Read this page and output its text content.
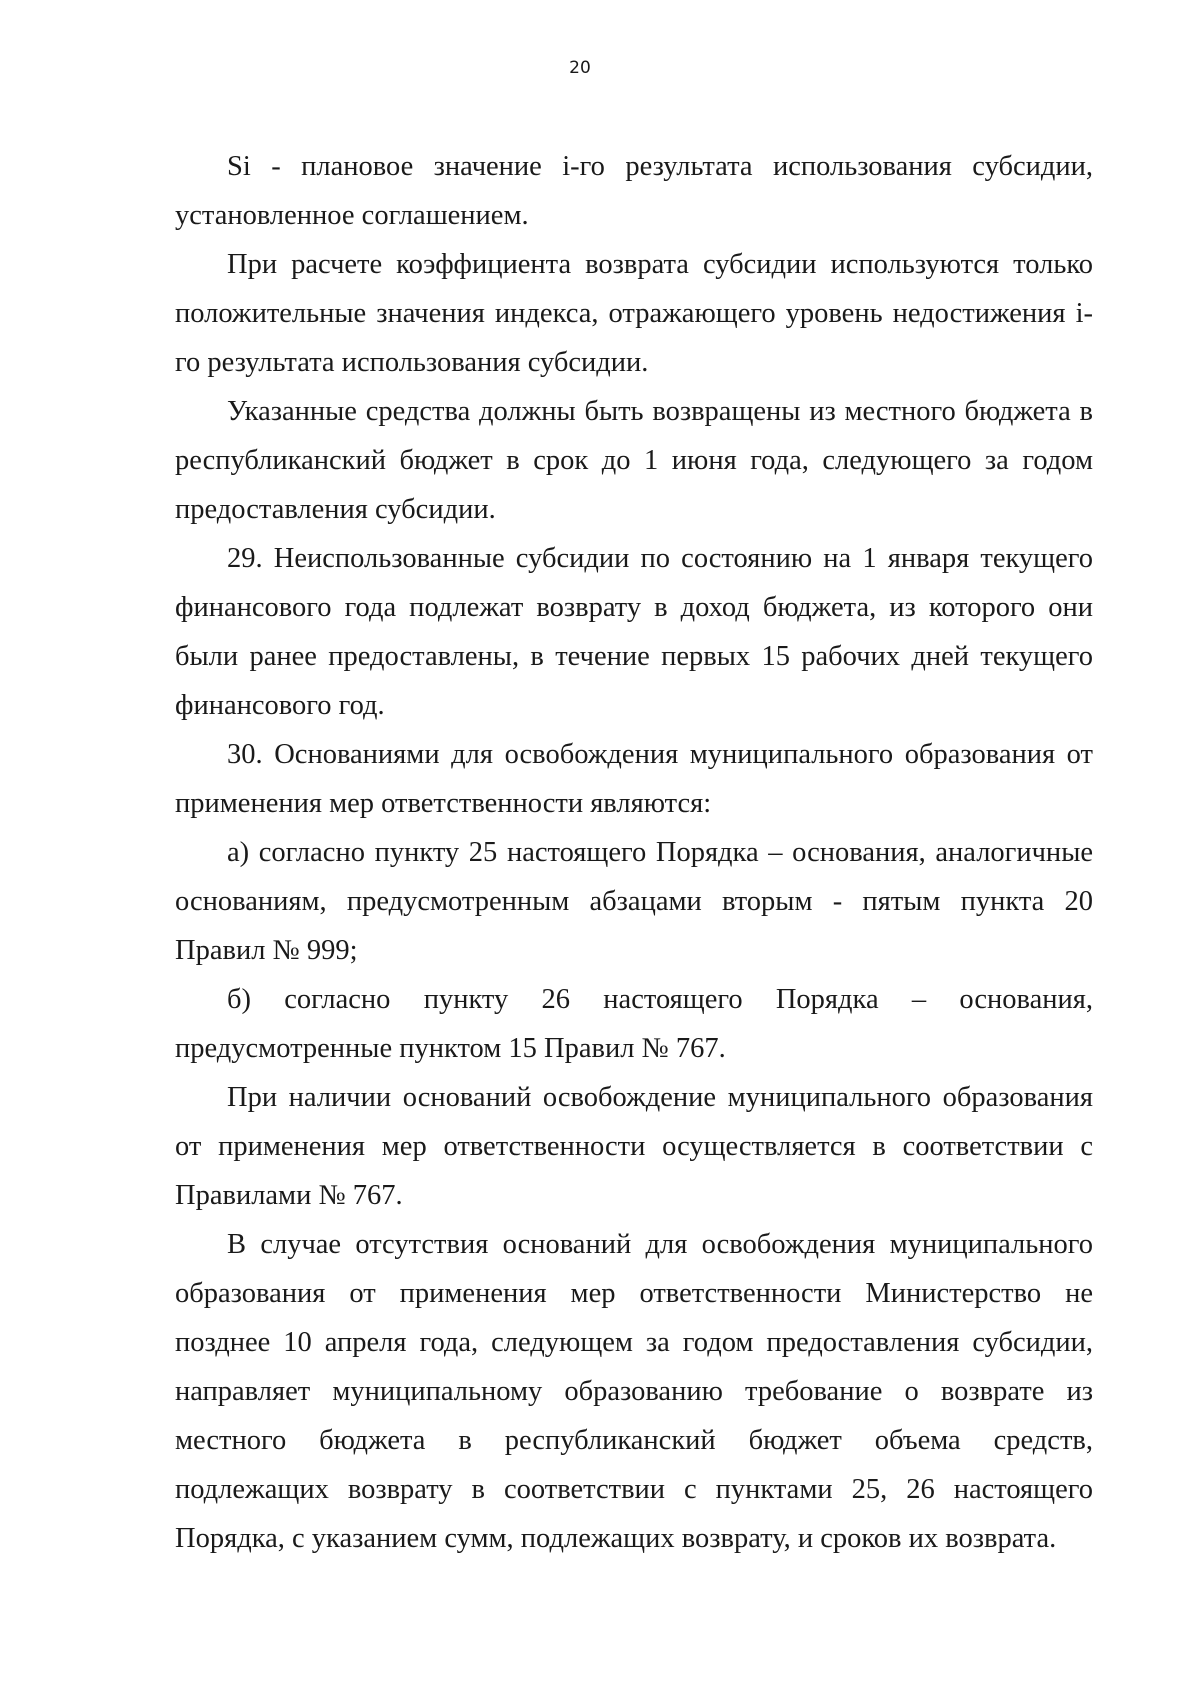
20

Si - плановое значение i-го результата использования субсидии, установленное соглашением.

При расчете коэффициента возврата субсидии используются только положительные значения индекса, отражающего уровень недостижения i-го результата использования субсидии.

Указанные средства должны быть возвращены из местного бюджета в республиканский бюджет в срок до 1 июня года, следующего за годом предоставления субсидии.

29. Неиспользованные субсидии по состоянию на 1 января текущего финансового года подлежат возврату в доход бюджета, из которого они были ранее предоставлены, в течение первых 15 рабочих дней текущего финансового год.

30. Основаниями для освобождения муниципального образования от применения мер ответственности являются:

а) согласно пункту 25 настоящего Порядка – основания, аналогичные основаниям, предусмотренным абзацами вторым - пятым пункта 20 Правил № 999;

б) согласно пункту 26 настоящего Порядка – основания, предусмотренные пунктом 15 Правил № 767.

При наличии оснований освобождение муниципального образования от применения мер ответственности осуществляется в соответствии с Правилами № 767.

В случае отсутствия оснований для освобождения муниципального образования от применения мер ответственности Министерство не позднее 10 апреля года, следующем за годом предоставления субсидии, направляет муниципальному образованию требование о возврате из местного бюджета в республиканский бюджет объема средств, подлежащих возврату в соответствии с пунктами 25, 26 настоящего Порядка, с указанием сумм, подлежащих возврату, и сроков их возврата.
